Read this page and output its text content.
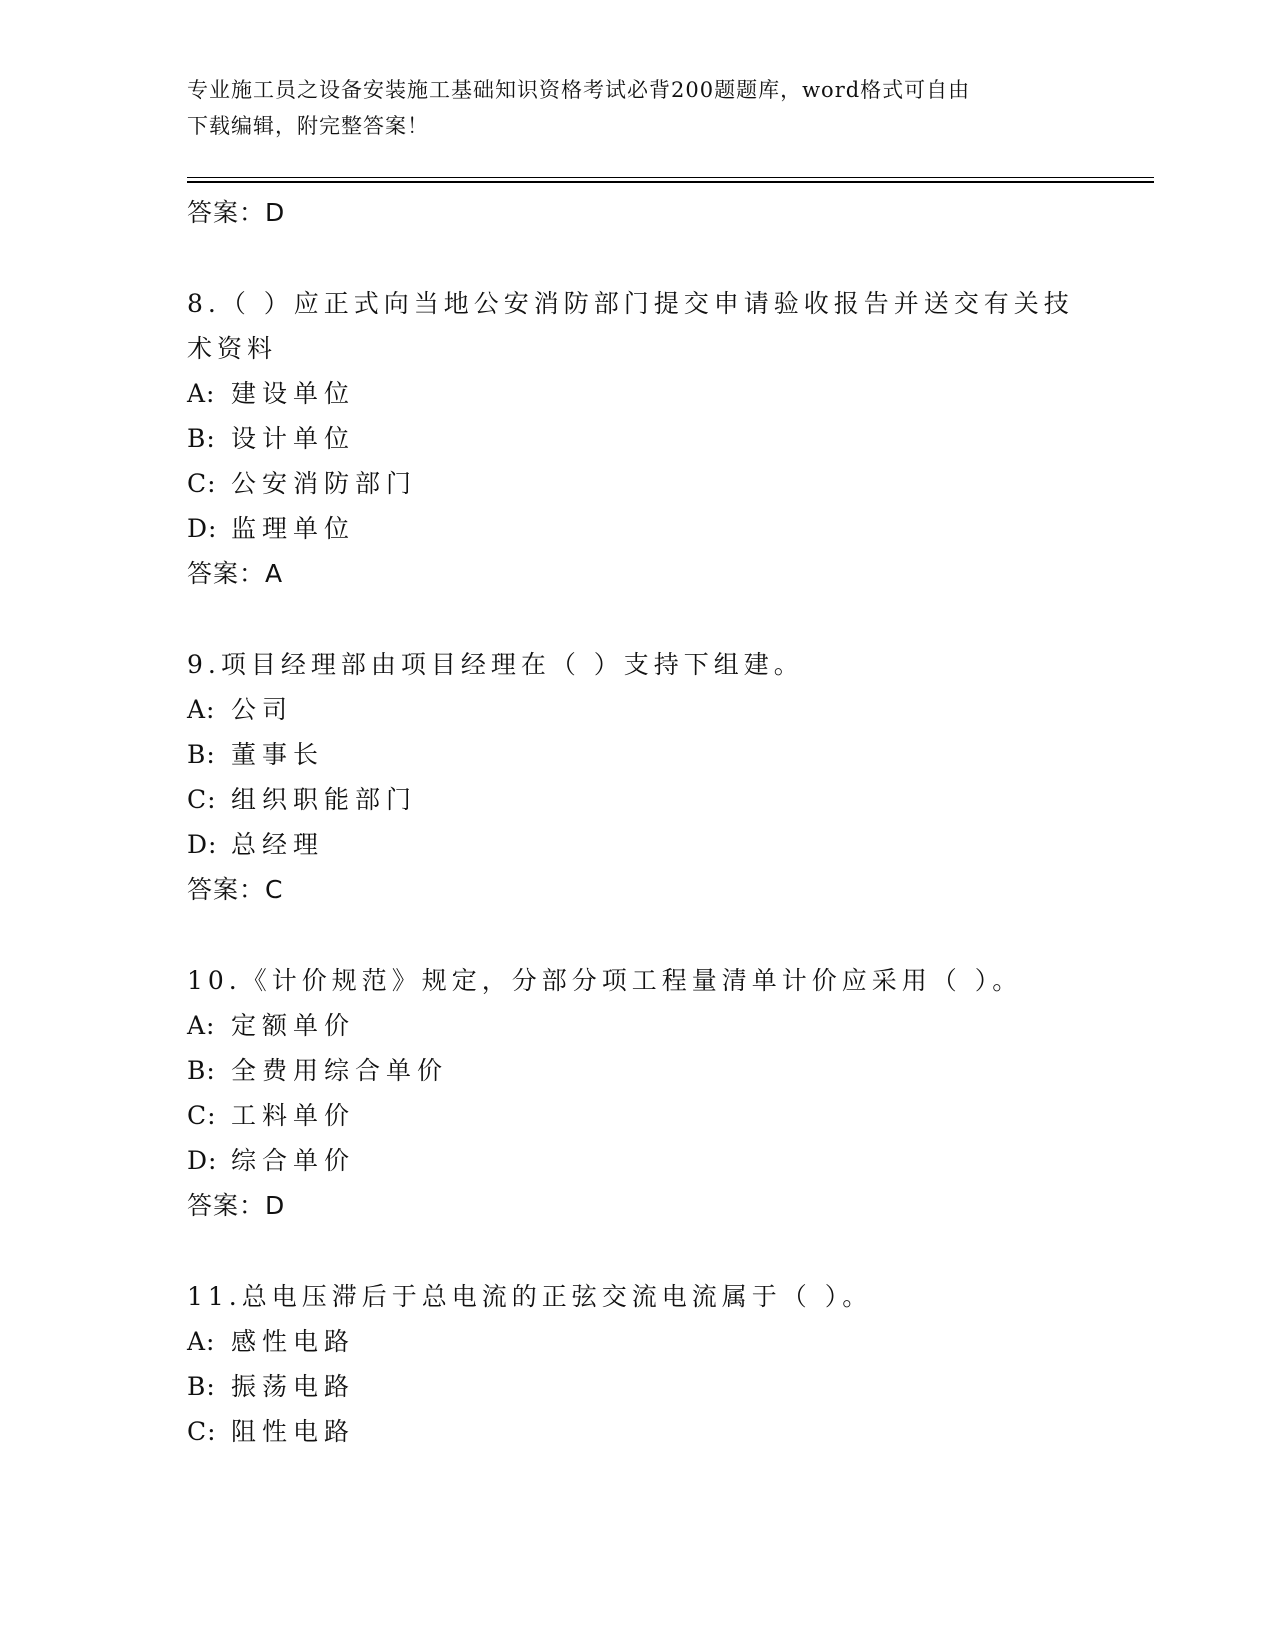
专业施工员之设备安装施工基础知识资格考试必背200题题库，word格式可自由
下载编辑，附完整答案！
答案：D
8.（ ）应正式向当地公安消防部门提交申请验收报告并送交有关技术资料
A: 建设单位
B: 设计单位
C: 公安消防部门
D: 监理单位
答案：A
9.项目经理部由项目经理在（ ）支持下组建。
A: 公司
B: 董事长
C: 组织职能部门
D: 总经理
答案：C
10.《计价规范》规定，分部分项工程量清单计价应采用（ ）。
A: 定额单价
B: 全费用综合单价
C: 工料单价
D: 综合单价
答案：D
11.总电压滞后于总电流的正弦交流电流属于（ ）。
A: 感性电路
B: 振荡电路
C: 阻性电路
